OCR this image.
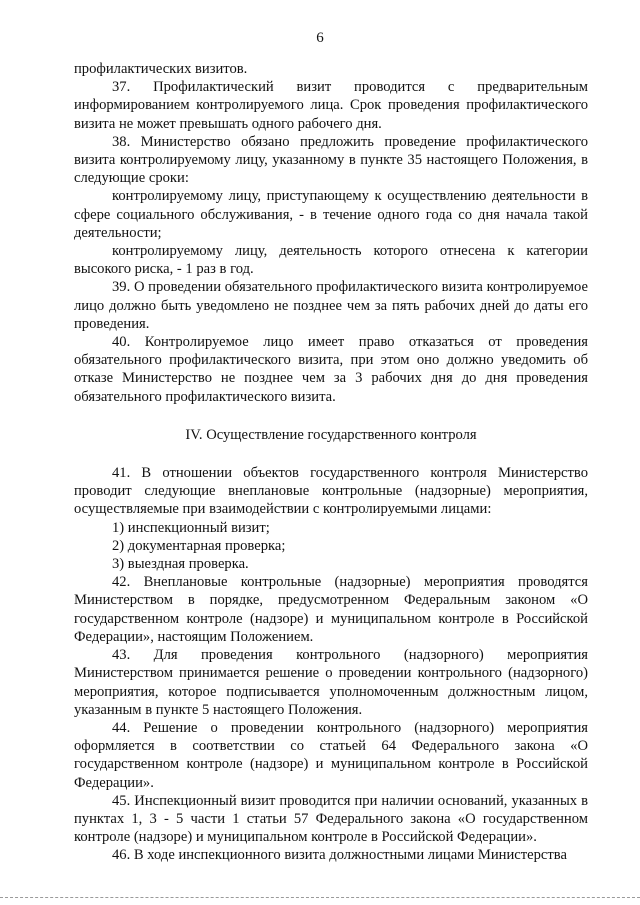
6

профилактических визитов.

37. Профилактический визит проводится с предварительным информированием контролируемого лица. Срок проведения профилактического визита не может превышать одного рабочего дня.

38. Министерство обязано предложить проведение профилактического визита контролируемому лицу, указанному в пункте 35 настоящего Положения, в следующие сроки:

контролируемому лицу, приступающему к осуществлению деятельности в сфере социального обслуживания, - в течение одного года со дня начала такой деятельности;

контролируемому лицу, деятельность которого отнесена к категории высокого риска, - 1 раз в год.

39. О проведении обязательного профилактического визита контролируемое лицо должно быть уведомлено не позднее чем за пять рабочих дней до даты его проведения.

40. Контролируемое лицо имеет право отказаться от проведения обязательного профилактического визита, при этом оно должно уведомить об отказе Министерство не позднее чем за 3 рабочих дня до дня проведения обязательного профилактического визита.

IV. Осуществление государственного контроля

41. В отношении объектов государственного контроля Министерство проводит следующие внеплановые контрольные (надзорные) мероприятия, осуществляемые при взаимодействии с контролируемыми лицами:

1) инспекционный визит;

2) документарная проверка;

3) выездная проверка.

42. Внеплановые контрольные (надзорные) мероприятия проводятся Министерством в порядке, предусмотренном Федеральным законом «О государственном контроле (надзоре) и муниципальном контроле в Российской Федерации», настоящим Положением.

43. Для проведения контрольного (надзорного) мероприятия Министерством принимается решение о проведении контрольного (надзорного) мероприятия, которое подписывается уполномоченным должностным лицом, указанным в пункте 5 настоящего Положения.

44. Решение о проведении контрольного (надзорного) мероприятия оформляется в соответствии со статьей 64 Федерального закона «О государственном контроле (надзоре) и муниципальном контроле в Российской Федерации».

45. Инспекционный визит проводится при наличии оснований, указанных в пунктах 1, 3 - 5 части 1 статьи 57 Федерального закона «О государственном контроле (надзоре) и муниципальном контроле в Российской Федерации».

46. В ходе инспекционного визита должностными лицами Министерства
